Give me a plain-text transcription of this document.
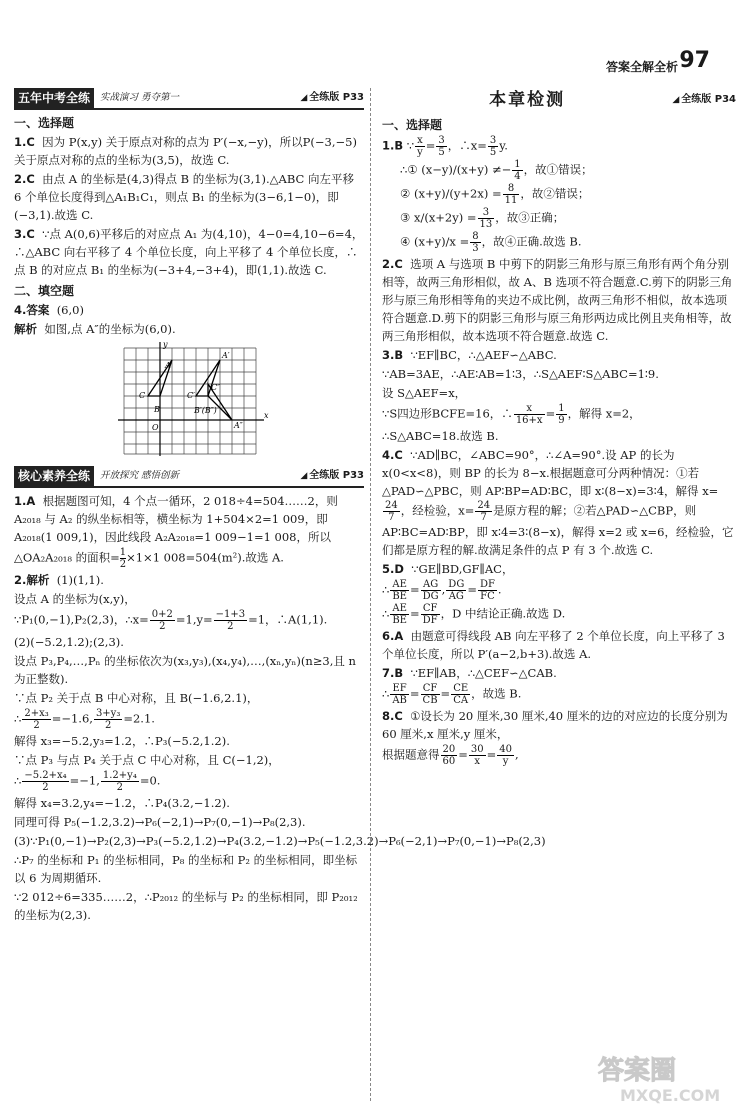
答案全解全析 97
五年中考全练	实战演习 勇夺第一	◢ 全练版 P33
一、选择题

1.C 因为 P(x,y) 关于原点对称的点为 P′(−x,−y)，所以P(−3,−5)关于原点对称的点的坐标为(3,5)，故选 C.

2.C 由点 A 的坐标是(4,3)得点 B 的坐标为(3,1).△ABC 向左平移 6 个单位长度得到△A₁B₁C₁，则点 B₁ 的坐标为(3−6,1−0)，即(−3,1).故选 C.

3.C ∵点 A(0,6)平移后的对应点 A₁ 为(4,10)，4−0=4,10−6=4，∴△ABC 向右平移了 4 个单位长度，向上平移了 4 个单位长度，∴点 B 的对应点 B₁ 的坐标为(−3+4,−3+4)，即(1,1).故选 C.

二、填空题

4.答案 (6,0)

解析 如图,点 A″的坐标为(6,0).

y
x
A
A′
C	C′
C″
B	B′(B″)
A″
O
核心素养全练	开放探究 感悟创新	◢ 全练版 P33

1.A 根据题图可知，4 个点一循环，2 018÷4=504……2，则 A₂₀₁₈ 与 A₂ 的纵坐标相等，横坐标为 1+504×2=1 009，即 A₂₀₁₈(1 009,1)，因此线段 A₂A₂₀₁₈=1 009−1=1 008，所以

△OA₂A₂₀₁₈ 的面积= $\frac{1}{2} \times 1\times 1$ 008=504(m²).故选 A.

2.解析 (1)(1,1).

设点 A 的坐标为(x,y)，

∵P₁(0,−1),P₂(2,3)，∴x= $\frac{0+2}{2} =1,y= \frac{-1+3}{2} =1$，∴A(1,1).

(2)(−5.2,1.2);(2,3).

设点 P₃,P₄,…,Pₙ 的坐标依次为(x₃,y₃),(x₄,y₄),…,(xₙ,yₙ)(n≥3,且 n 为正整数).

∵点 P₂ 关于点 B 中心对称，且 B(−1.6,2.1)，

∴ $\frac{\text{2+x₃}}{2} =-1.6$, $\frac{\text{3+y₃}}{2} =2.1$.

解得 x₃=−5.2,y₃=1.2，∴P₃(−5.2,1.2).

∵点 P₃ 与点 P₄ 关于点 C 中心对称，且 C(−1,2)，

∴ $\frac{\text{−5.2+x₄}}{2} =-1$, $\frac{\text{1.2+y₄}}{2} =0$.

解得 x₄=3.2,y₄=−1.2，∴P₄(3.2,−1.2).

同理可得 P₅(−1.2,3.2)→P₆(−2,1)→P₇(0,−1)→P₈(2,3).

(3)∵P₁(0,−1)→P₂(2,3)→P₃(−5.2,1.2)→P₄(3.2,−1.2)→P₅(−1.2,3.2)→P₆(−2,1)→P₇(0,−1)→P₈(2,3)

∴P₇ 的坐标和 P₁ 的坐标相同，P₈ 的坐标和 P₂ 的坐标相同，即坐标以 6 为周期循环.

∵2 012÷6=335……2，∴P₂₀₁₂ 的坐标与 P₂ 的坐标相同，即 P₂₀₁₂ 的坐标为(2,3).

本章检测	◢ 全练版 P34
一、选择题

1.B ∵ $\frac{x}{y} = \frac{3}{5}$ ，∴x= $\frac{3}{5} y$.

∴① $(x-y)/(x+y) \ne- \frac{1}{4}$ ，故①错误；

② $(x+y)/(y+2x) = \frac{8}{11}$ ，故②错误；

③ $x/(x+2y) = \frac{3}{13}$ ，故③正确；

④ $(x+y)/x = \frac{8}{3}$ ，故④正确.故选 B.

2.C 选项 A 与选项 B 中剪下的阴影三角形与原三角形有两个角分别相等，故两三角形相似，故 A、B 选项不符合题意.C.剪下的阴影三角形与原三角形相等角的夹边不成比例，故两三角形不相似，故本选项符合题意.D.剪下的阴影三角形与原三角形两边成比例且夹角相等，故两三角形相似，故本选项不符合题意.故选 C.

3.B ∵EF∥BC，∴△AEF∽△ABC.

∵AB=3AE，∴AE∶AB=1∶3，∴S△AEF∶S△ABC=1∶9.

设 S△AEF=x，

∵S四边形BCFE=16，∴ $\frac{x}{16+x} = \frac{1}{9}$ ，解得 x=2，

∴S△ABC=18.故选 B.

4.C ∵AD∥BC，∠ABC=90°，∴∠A=90°.设 AP 的长为 x(0<x<8)，则 BP 的长为 8−x.根据题意可分两种情况：①若△PAD∽△PBC，则 AP∶BP=AD∶BC，即 x∶(8−x)=3∶4，解得 x=
$\frac{24}{7}$ ，经检验，$x= \frac{24}{7}$ 是原方程的解；②若△PAD∽△CBP，则 AP∶BC=AD∶BP，即 x∶4=3∶(8−x)，解得 x=2 或 x=6，经检验，它们都是原方程的解.故满足条件的点 P 有 3 个.故选 C.

5.D ∵GE∥BD,GF∥AC，

∴ $\frac{AE}{BE} = \frac{AG}{DG}$ , $\frac{DG}{AG} = \frac{DF}{FC}$ .

∴ $\frac{AE}{BE} = \frac{CF}{DF}$ ，D 中结论正确.故选 D.

6.A 由题意可得线段 AB 向左平移了 2 个单位长度，向上平移了 3 个单位长度，所以 P′(a−2,b+3).故选 A.

7.B ∵EF∥AB，∴△CEF∽△CAB.

∴ $\frac{EF}{AB} = \frac{CF}{CB} = \frac{CE}{CA}$ ，故选 B.

8.C ①设长为 20 厘米,30 厘米,40 厘米的边的对应边的长度分别为 60 厘米,x 厘米,y 厘米，

根据题意得 $\frac{20}{60} = \frac{30}{x} = \frac{40}{y}$ ,

答案圈
MXQE.COM
